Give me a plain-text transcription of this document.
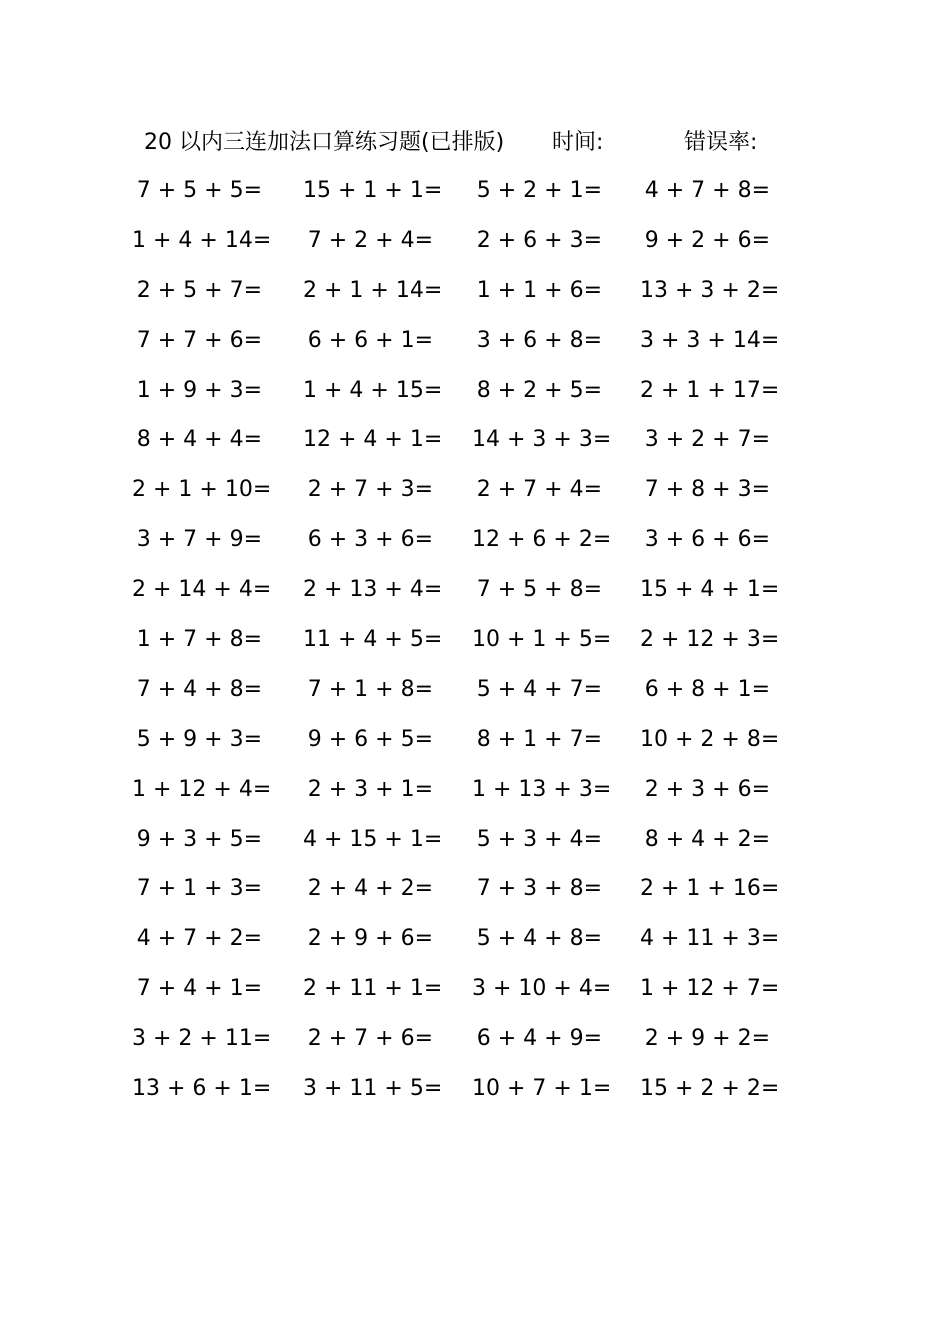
20 以内三连加法口算练习题(已排版) 时间:	错误率:
7 + 5 + 5= 15 + 1 + 1= 5 + 2 + 1= 4 + 7 + 8=
1 + 4 + 14= 7 + 2 + 4= 2 + 6 + 3= 9 + 2 + 6=
2 + 5 + 7= 2 + 1 + 14= 1 + 1 + 6= 13 + 3 + 2=
7 + 7 + 6= 6 + 6 + 1= 3 + 6 + 8= 3 + 3 + 14=
1 + 9 + 3= 1 + 4 + 15= 8 + 2 + 5= 2 + 1 + 17=
8 + 4 + 4= 12 + 4 + 1= 14 + 3 + 3= 3 + 2 + 7=
2 + 1 + 10= 2 + 7 + 3= 2 + 7 + 4= 7 + 8 + 3=
3 + 7 + 9= 6 + 3 + 6= 12 + 6 + 2= 3 + 6 + 6=
2 + 14 + 4= 2 + 13 + 4= 7 + 5 + 8= 15 + 4 + 1=
1 + 7 + 8= 11 + 4 + 5= 10 + 1 + 5= 2 + 12 + 3=
7 + 4 + 8= 7 + 1 + 8= 5 + 4 + 7= 6 + 8 + 1=
5 + 9 + 3= 9 + 6 + 5= 8 + 1 + 7= 10 + 2 + 8=
1 + 12 + 4= 2 + 3 + 1= 1 + 13 + 3= 2 + 3 + 6=
9 + 3 + 5= 4 + 15 + 1= 5 + 3 + 4= 8 + 4 + 2=
7 + 1 + 3= 2 + 4 + 2= 7 + 3 + 8= 2 + 1 + 16=
4 + 7 + 2= 2 + 9 + 6= 5 + 4 + 8= 4 + 11 + 3=
7 + 4 + 1= 2 + 11 + 1= 3 + 10 + 4= 1 + 12 + 7=
3 + 2 + 11= 2 + 7 + 6= 6 + 4 + 9= 2 + 9 + 2=
13 + 6 + 1= 3 + 11 + 5= 10 + 7 + 1= 15 + 2 + 2=
